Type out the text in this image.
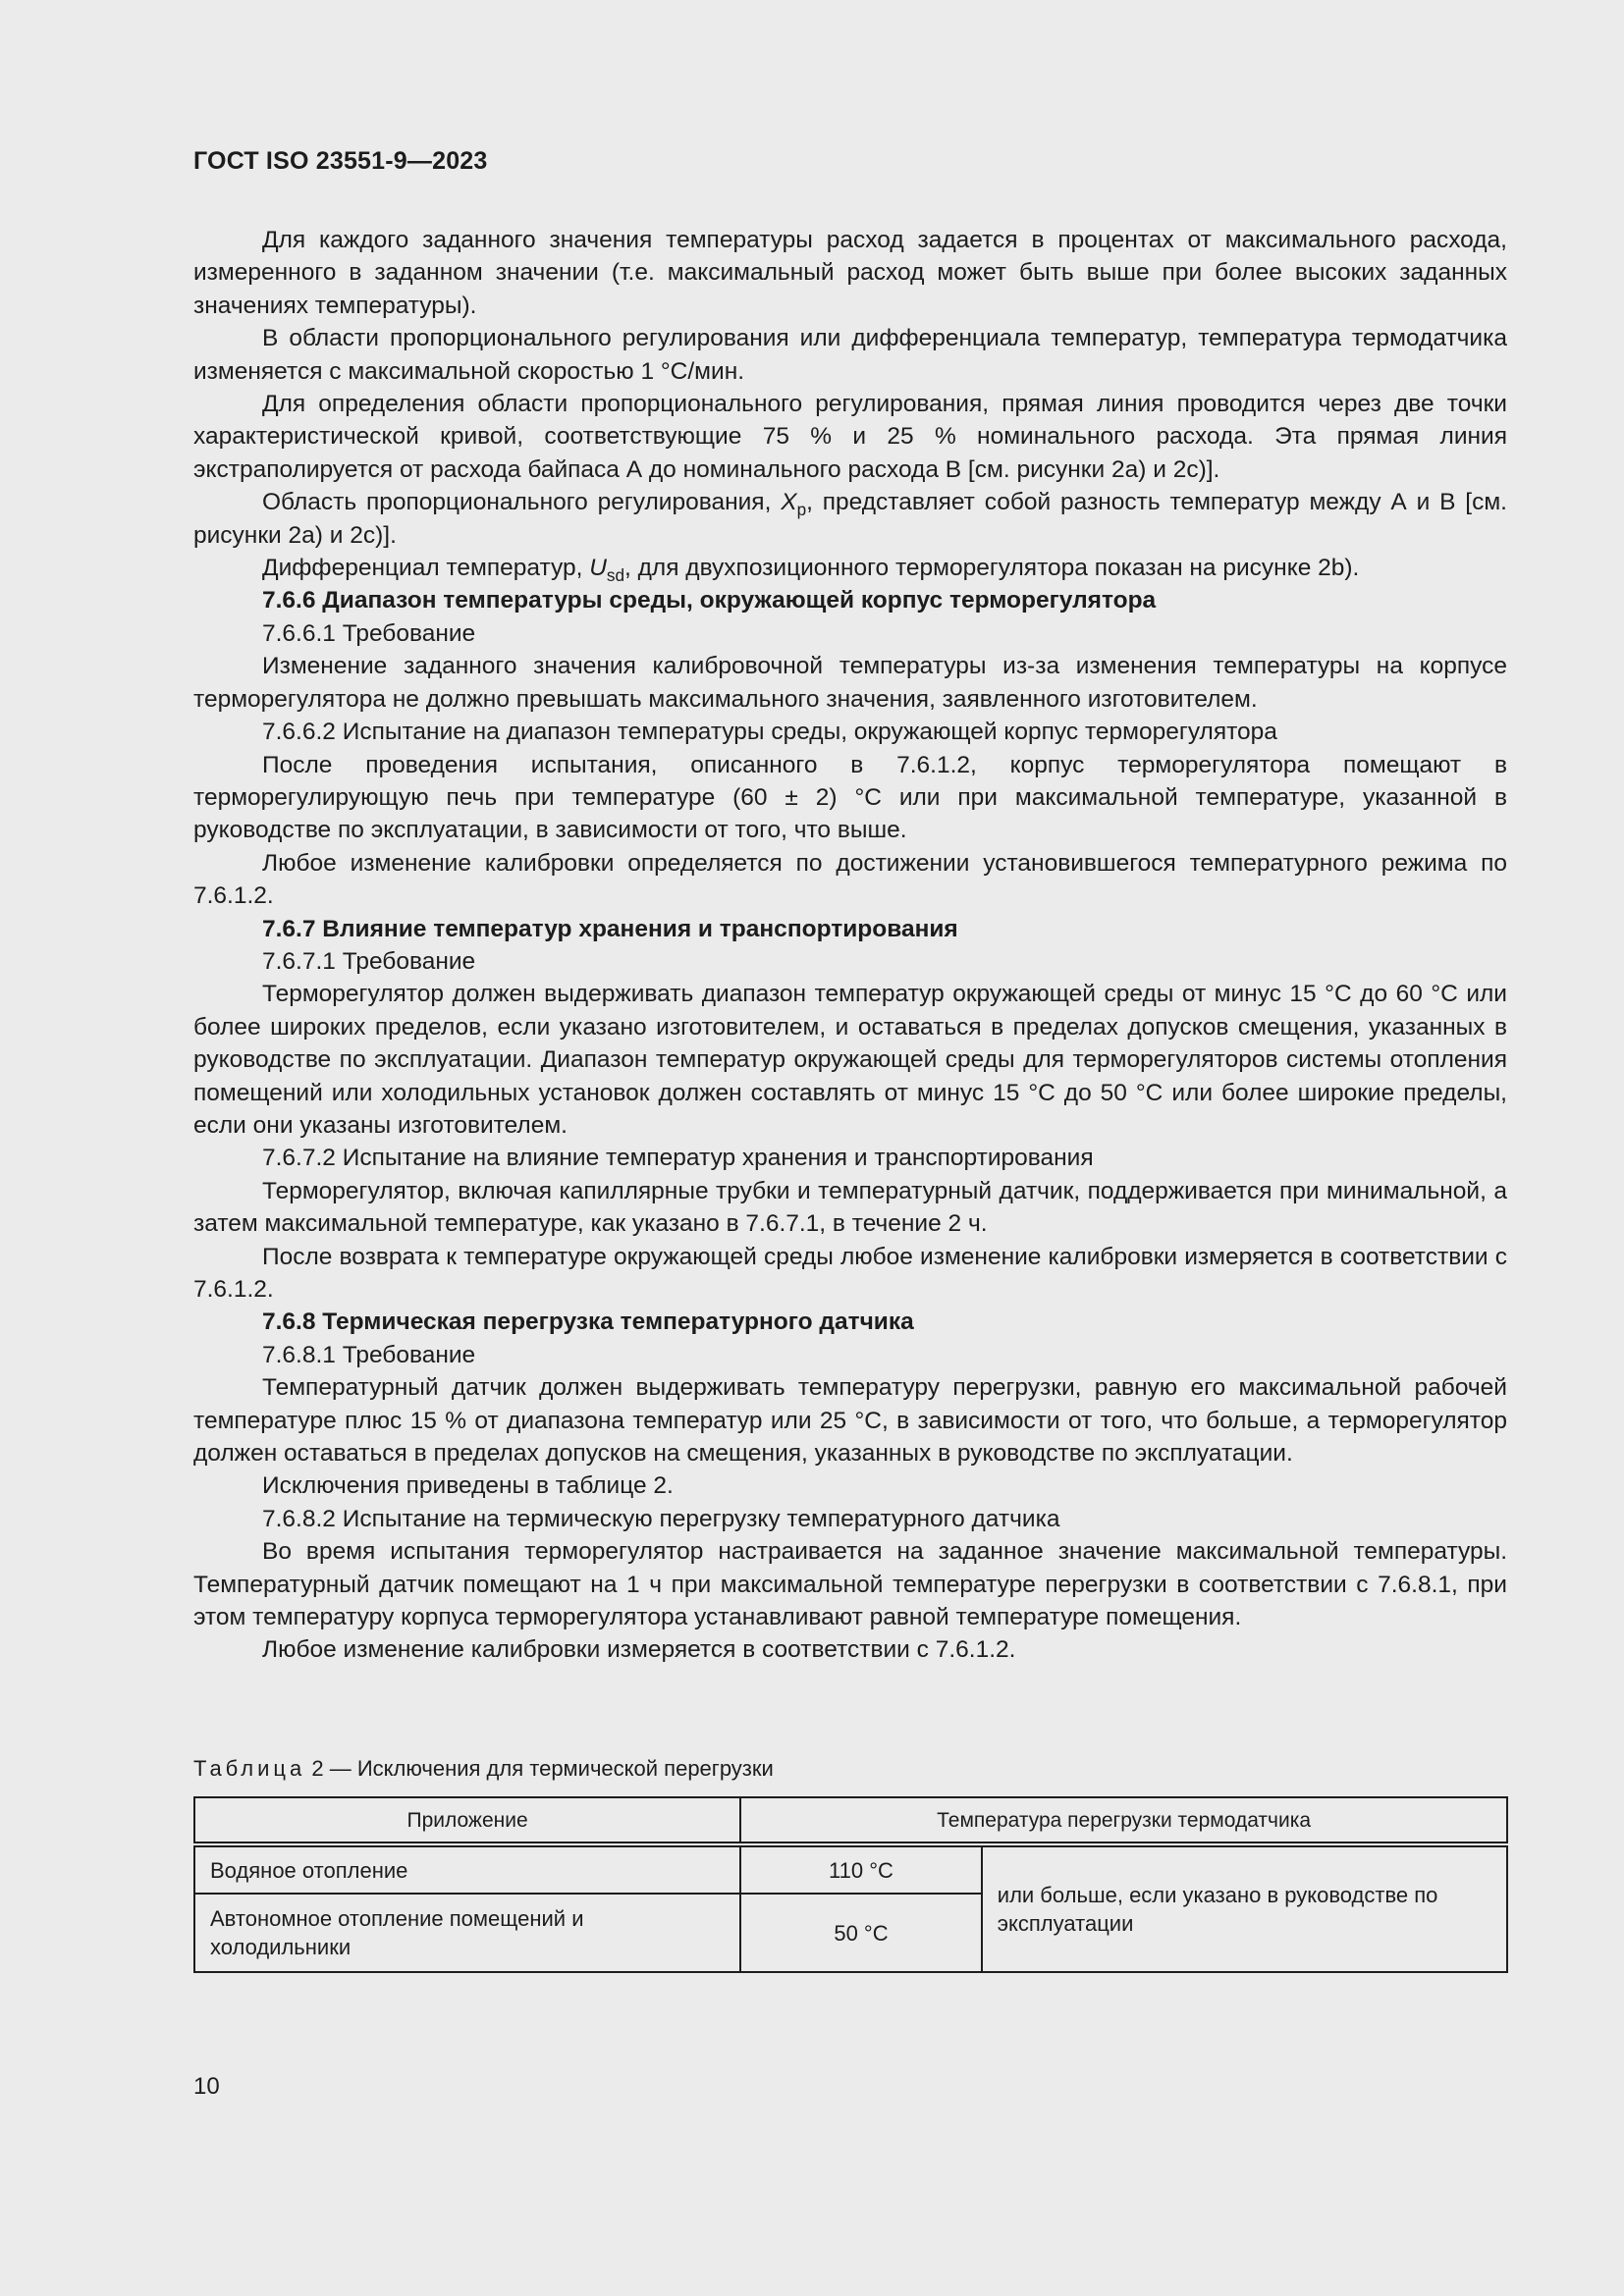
ГОСТ ISO 23551-9—2023

Для каждого заданного значения температуры расход задается в процентах от максимального расхода, измеренного в заданном значении (т.е. максимальный расход может быть выше при более высоких заданных значениях температуры).

В области пропорционального регулирования или дифференциала температур, температура термодатчика изменяется с максимальной скоростью 1 °С/мин.

Для определения области пропорционального регулирования, прямая линия проводится через две точки характеристической кривой, соответствующие 75 % и 25 % номинального расхода. Эта прямая линия экстраполируется от расхода байпаса А до номинального расхода В [см. рисунки 2а) и 2с)].

Область пропорционального регулирования, $X_p$, представляет собой разность температур между А и В [см. рисунки 2а) и 2с)].

Дифференциал температур, $U_{sd}$, для двухпозиционного терморегулятора показан на рисунке 2b).

7.6.6 Диапазон температуры среды, окружающей корпус терморегулятора

7.6.6.1 Требование

Изменение заданного значения калибровочной температуры из-за изменения температуры на корпусе терморегулятора не должно превышать максимального значения, заявленного изготовителем.

7.6.6.2 Испытание на диапазон температуры среды, окружающей корпус терморегулятора

После проведения испытания, описанного в 7.6.1.2, корпус терморегулятора помещают в терморегулирующую печь при температуре (60 ± 2) °С или при максимальной температуре, указанной в руководстве по эксплуатации, в зависимости от того, что выше.

Любое изменение калибровки определяется по достижении установившегося температурного режима по 7.6.1.2.

7.6.7 Влияние температур хранения и транспортирования

7.6.7.1 Требование

Терморегулятор должен выдерживать диапазон температур окружающей среды от минус 15 °С до 60 °С или более широких пределов, если указано изготовителем, и оставаться в пределах допусков смещения, указанных в руководстве по эксплуатации. Диапазон температур окружающей среды для терморегуляторов системы отопления помещений или холодильных установок должен составлять от минус 15 °С до 50 °С или более широкие пределы, если они указаны изготовителем.

7.6.7.2 Испытание на влияние температур хранения и транспортирования

Терморегулятор, включая капиллярные трубки и температурный датчик, поддерживается при минимальной, а затем максимальной температуре, как указано в 7.6.7.1, в течение 2 ч.

После возврата к температуре окружающей среды любое изменение калибровки измеряется в соответствии с 7.6.1.2.

7.6.8 Термическая перегрузка температурного датчика

7.6.8.1 Требование

Температурный датчик должен выдерживать температуру перегрузки, равную его максимальной рабочей температуре плюс 15 % от диапазона температур или 25 °С, в зависимости от того, что больше, а терморегулятор должен оставаться в пределах допусков на смещения, указанных в руководстве по эксплуатации.

Исключения приведены в таблице 2.

7.6.8.2 Испытание на термическую перегрузку температурного датчика

Во время испытания терморегулятор настраивается на заданное значение максимальной температуры. Температурный датчик помещают на 1 ч при максимальной температуре перегрузки в соответствии с 7.6.8.1, при этом температуру корпуса терморегулятора устанавливают равной температуре помещения.

Любое изменение калибровки измеряется в соответствии с 7.6.1.2.

Таблица 2 — Исключения для термической перегрузки
Приложение	Температура перегрузки термодатчика	
Водяное отопление	110 °С	или больше, если указано в руководстве по эксплуатации
Автономное отопление помещений и холодильники	50 °С	
10
